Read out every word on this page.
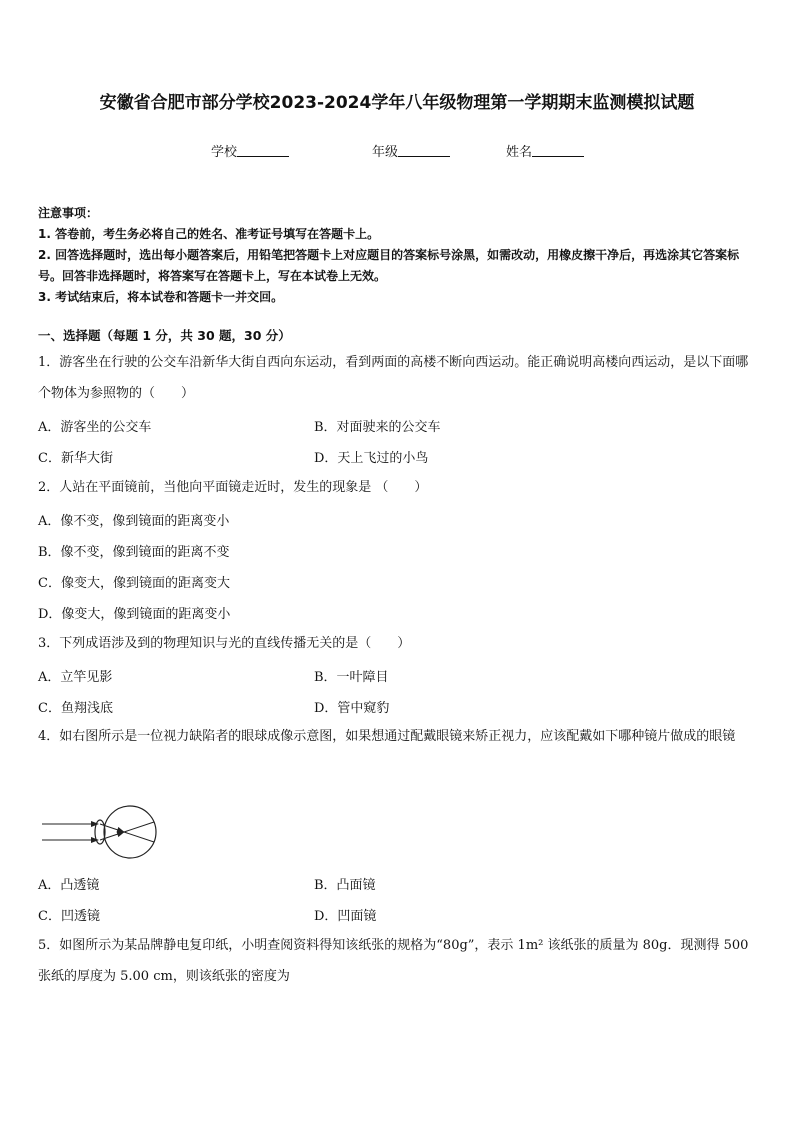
安徽省合肥市部分学校2023-2024学年八年级物理第一学期期末监测模拟试题
学校	年级	姓名

注意事项：

1. 答卷前，考生务必将自己的姓名、准考证号填写在答题卡上。

2. 回答选择题时，选出每小题答案后，用铅笔把答题卡上对应题目的答案标号涂黑，如需改动，用橡皮擦干净后，再选涂其它答案标号。回答非选择题时，将答案写在答题卡上，写在本试卷上无效。

3. 考试结束后，将本试卷和答题卡一并交回。

一、选择题（每题 1 分，共 30 题，30 分）

1．游客坐在行驶的公交车沿新华大街自西向东运动，看到两面的高楼不断向西运动。能正确说明高楼向西运动，是以下面哪个物体为参照物的（　　）

A．游客坐的公交车	B．对面驶来的公交车
C．新华大街	D．天上飞过的小鸟

2．人站在平面镜前，当他向平面镜走近时，发生的现象是 （　　）

A．像不变，像到镜面的距离变小
B．像不变，像到镜面的距离不变
C．像变大，像到镜面的距离变大
D．像变大，像到镜面的距离变小

3．下列成语涉及到的物理知识与光的直线传播无关的是（　　）

A．立竿见影	B．一叶障目
C．鱼翔浅底	D．管中窥豹

4．如右图所示是一位视力缺陷者的眼球成像示意图，如果想通过配戴眼镜来矫正视力，应该配戴如下哪种镜片做成的眼镜

A．凸透镜	B．凸面镜
C．凹透镜	D．凹面镜

5．如图所示为某品牌静电复印纸，小明查阅资料得知该纸张的规格为“80g”，表示 1m² 该纸张的质量为 80g．现测得 500 张纸的厚度为 5.00 cm，则该纸张的密度为
